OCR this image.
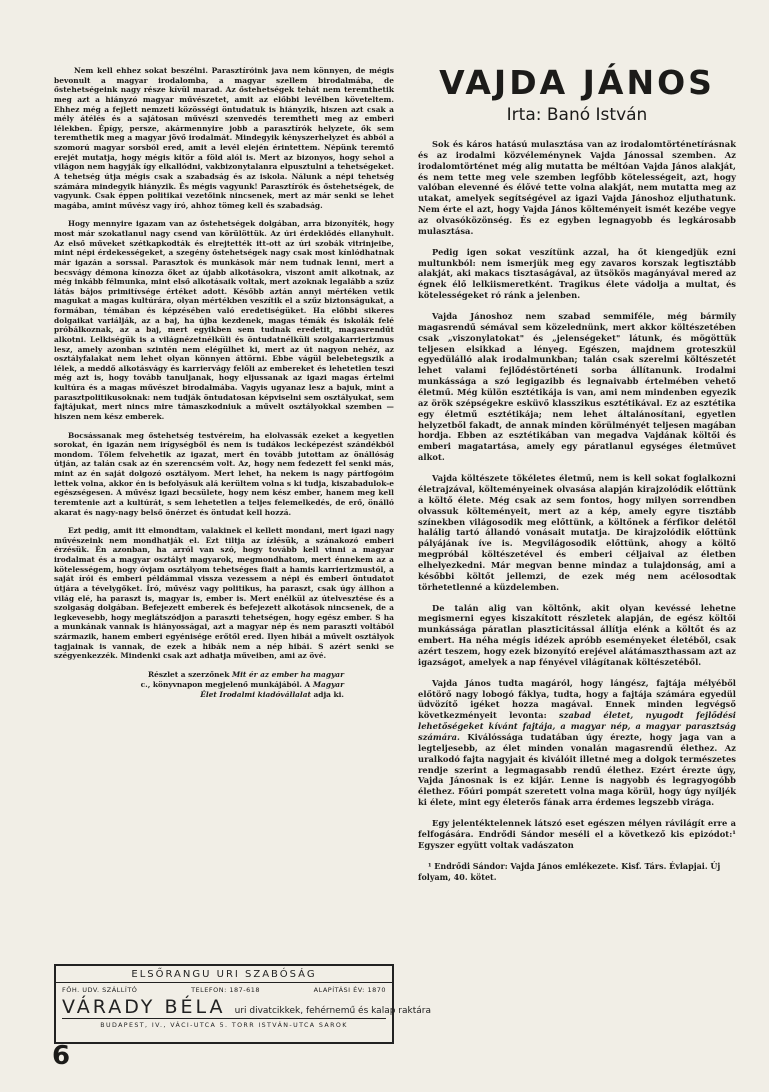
Nem kell ehhez sokat beszélni. Parasztíróink java nem könnyen, de mégis bevonult a magyar irodalomba, a magyar szellem birodalmába, de őstehetségeink nagy része kívül marad. Az őstehetségek tehát nem teremthetik meg azt a hiányzó magyar művészetet, amit az előbbi levélben követeltem. Ehhez még a fejlett nemzeti közösségi öntudatuk is hiányzik, hiszen azt csak a mély átélés és a sajátosan művészi szenvedés teremtheti meg az emberi lélekben. Épígy, persze, akármennyire jobb a parasztírók helyzete, ők sem teremthetik meg a magyar jövő irodalmát. Mindegyik kényszerhelyzet és abból a szomorú magyar sorsból ered, amit a levél elején érintettem. Népünk teremtő erejét mutatja, hogy mégis kitör a föld alól is. Mert az bizonyos, hogy sehol a világon nem hagyják így elkallódni, vakbizonytalanra elpusztulni a tehetségeket. A tehetség útja mégis csak a szabadság és az iskola. Nálunk a népi tehetség számára mindegyik hiányzik. És mégis vagyunk! Parasztírók és őstehetségek, de vagyunk. Csak éppen politikai vezetőink nincsenek, mert az már senki se lehet magába, amint művész vagy író, ahhoz tömeg kell és szabadság.

Hogy mennyire igazam van az őstehetségek dolgában, arra bizonyíték, hogy most már szokatlanul nagy csend van körülöttük. Az úri érdeklődés ellanyhult. Az első műveket szétkapkodták és elrejtették itt-ott az úri szobák vitrinjeibe, mint népi érdekességeket, a szegény őstehetségek nagy csak most kínlódhatnak már igazán a sorssal. Parasztok és munkások már nem tudnak lenni, mert a becsvágy démona kínozza őket az újabb alkotásokra, viszont amit alkotnak, az még inkább félmunka, mint első alkotásaik voltak, mert azoknak legalább a szűz látás bájos primitívsége értéket adott. Később aztán annyi mértéken vetik magukat a magas kultúrára, olyan mértékben veszítik el a szűz biztonságukat, a formában, témában és képzésében való eredetiségüket. Ha előbbi sikeres dolgaikat variálják, az a baj, ha újba kezdenek, magas témák és iskolák felé próbálkoznak, az a baj, mert egyikben sem tudnak eredetit, magasrendűt alkotni. Lelkiségük is a világnézetnélküli és öntudatnélküli szolgakarrierizmus lesz, amely azonban szintén nem elégülhet ki, mert az út nagyon nehéz, az osztályfalakat nem lehet olyan könnyen áttörni. Ebbe vágül belebetegszik a lélek, a meddő alkotásvágy és karriervágy felőli az embereket és lehetetlen teszi még azt is, hogy tovább tanuljanak, hogy eljussanak az igazi magas értelmi kultúra és a magas művészet birodalmába. Vagyis ugyanaz lesz a bajuk, mint a parasztpolitikusoknak: nem tudják öntudatosan képviselni sem osztályukat, sem fajtájukat, mert nincs mire támaszkodniuk a művelt osztályokkal szemben — hiszen nem kész emberek.

Bocsássanak meg őstehetség testvéreim, ha elolvassák ezeket a kegyetlen sorokat, én igazán nem irígységből és nem is tudákos lecképezést szándékból mondom. Tőlem felvehetik az igazat, mert én tovább jutottam az önállóság útján, az talán csak az én szerencsém volt. Az, hogy nem fedezett fel senki más, mint az én saját dolgozó osztályom. Mert lehet, ha nekem is nagy pártfogóim lettek volna, akkor én is befolyásuk alá kerültem volna s ki tudja, kiszabadulok-e egészségesen. A művész igazi becsülete, hogy nem kész ember, hanem meg kell teremtenie azt a kultúrát, s sem lehetetlen a teljes felemelkedés, de erő, önálló akarat és nagy-nagy belső önérzet és öntudat kell hozzá.

Ezt pedig, amit itt elmondtam, valakinek el kellett mondani, mert igazi nagy művészeink nem mondhatják el. Ezt tiltja az ízlésük, a szánakozó emberi érzésük. Én azonban, ha arról van szó, hogy tovább kell vinni a magyar irodalmat és a magyar osztályt magyarok, megmondhatom, mert énnekem az a kötelességem, hogy óvjam osztályom tehetséges fiait a hamis karrierizmustól, a saját írói és emberi példámmal vissza vezessem a népi és emberi öntudatot útjára a tévelygőket. Író, művész vagy politikus, ha paraszt, csak úgy állhon a világ elé, ha paraszt is, magyar is, ember is. Mert enélkül az útelvesztése és a szolgaság dolgában. Befejezett emberek és befejezett alkotások nincsenek, de a legkevesebb, hogy meglátszódjon a paraszti tehetségen, hogy egész ember. S ha a munkának vannak is hiányosságai, azt a magyar nép és nem paraszti voltából származik, hanem emberi egyénisége erőtől ered. Ilyen hibái a művelt osztályok tagjainak is vannak, de ezek a hibák nem a nép hibái. S azért senki se szégyenkezzék. Mindenki csak azt adhatja műveiben, ami az övé.

Részlet a szerzőnek Mit ér az ember ha magyar
c., könyvnapon megjelenő munkájából. A Magyar
Élet Irodalmi kiadóvállalat adja ki.
VAJDA JÁNOS
Irta: Banó István

Sok és káros hatású mulasztása van az irodalomtörténetírásnak és az irodalmi közvéleménynek Vajda Jánossal szemben. Az irodalomtörténet még alig mutatta be méltóan Vajda János alakját, és nem tette meg vele szemben legfőbb kötelességeit, azt, hogy valóban elevenné és élővé tette volna alakját, nem mutatta meg az utakat, amelyek segítségével az igazi Vajda Jánoshoz eljuthatunk. Nem érte el azt, hogy Vajda János költeményeit ismét kezébe vegye az olvasóközönség. És ez egyben legnagyobb és legkárosabb mulasztása.

Pedig igen sokat veszítünk azzal, ha őt kiengedjük ezni multunkból: nem ismerjük meg egy zavaros korszak legtisztább alakját, aki makacs tisztaságával, az ütsökös magányával mered az égnek élő lelkiismeretként. Tragikus élete vádolja a multat, és kötelességeket ró ránk a jelenben.

Vajda Jánoshoz nem szabad semmiféle, még bármily magasrendű sémával sem közelednünk, mert akkor költészetében csak „viszonylatokat" és „jelenségeket" látunk, és mögöttük teljesen elsikkad a lényeg. Egészen, majdnem groteszkül egyedülálló alak irodalmunkban; talán csak szerelmi költészetét lehet valami fejlődéstörténeti sorba állítanunk. Irodalmi munkássága a szó legigazibb és legnaivabb értelmében vehető életmű. Még külön esztétikája is van, ami nem mindenben egyezik az örök szépségekre esküvő klasszikus esztétikával. Ez az esztétika egy életmű esztétikája; nem lehet általánosítani, egyetlen helyzetből fakadt, de annak minden körülményét teljesen magában hordja. Ebben az esztétikában van megadva Vajdának költői és emberi magatartása, amely egy páratlanul egységes életművet alkot.

Vajda költészete tökéletes életmű, nem is kell sokat foglalkozni életrajzával, költeményeinek olvasása alapján kirajzolódik előttünk a költő élete. Még csak az sem fontos, hogy milyen sorrendben olvassuk költeményeit, mert az a kép, amely egyre tisztább színekben világosodik meg előttünk, a költőnek a férfikor delétől halálig tartó állandó vonásait mutatja. De kirajzolódik előttünk pályájának íve is. Megvilágosodik előttünk, ahogy a költő megpróbál költészetével és emberi céljaival az életben elhelyezkedni. Már megvan benne mindaz a tulajdonság, ami a későbbi költőt jellemzi, de ezek még nem acélosodtak törhetetlenné a küzdelemben.

De talán alig van költőnk, akit olyan kevéssé lehetne megismerni egyes kiszakított részletek alapján, de egész költői munkássága páratlan plaszticitással állítja elénk a költőt és az embert. Ha néha mégis idézek apróbb eseményeket életéből, csak azért teszem, hogy ezek bizonyító erejével alátámaszthassam azt az igazságot, amelyek a nap fényével világítanak költészetéből.

Vajda János tudta magáról, hogy lángész, fajtája mélyéből előtörő nagy lobogó fáklya, tudta, hogy a fajtája számára egyedül üdvözítő igéket hozza magával. Ennek minden legvégső következményeit levonta: szabad életet, nyugodt fejlődési lehetőségeket kívánt fajtája, a magyar nép, a magyar parasztság számára. Kiválóssága tudatában úgy érezte, hogy jaga van a legteljesebb, az élet minden vonalán magasrendű élethez. Az uralkodó fajta nagyjait és kiválóit illetné meg a dolgok természetes rendje szerint a legmagasabb rendű élethez. Ezért érezte úgy, Vajda Jánosnak is ez kijár. Lenne is nagyobb és legragyogóbb élethez. Főúri pompát szeretett volna maga körül, hogy úgy nyíljék ki élete, mint egy életerős fának arra érdemes legszebb virága.

Egy jelentéktelennek látszó eset egészen mélyen rávilágít erre a felfogására. Endrődi Sándor meséli el a következő kis epizódot:¹ Egyszer együtt voltak vadászaton

¹ Endrődi Sándor: Vajda János emlékezete. Kisf. Társ. Évlapjai. Új folyam, 40. kötet.
ELSŐRANGU URI SZABÓSÁG
FŐH. UDV. SZÁLLÍTÓ	TELEFON: 187-618	ALAPÍTÁSI ÉV: 1870
VÁRADY BÉLA uri divatcikkek, fehérnemű és kalap raktára
BUDAPEST, IV., VÁCI-UTCA 5. TORR ISTVÁN-UTCA SAROK
6
